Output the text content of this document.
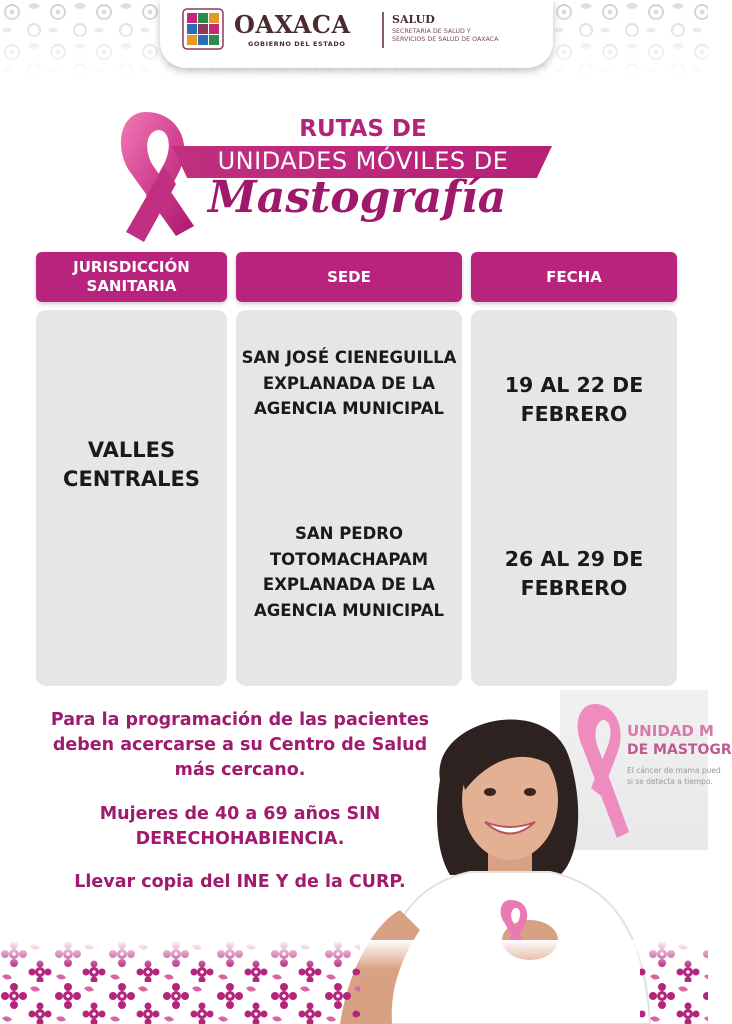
OAXACA
GOBIERNO DEL ESTADO
SALUD
SECRETARÍA DE SALUD Y
SERVICIOS DE SALUD DE OAXACA
RUTAS DE
UNIDADES MÓVILES DE
Mastografía
JURISDICCIÓN SANITARIA
SEDE	FECHA
VALLES CENTRALES
SAN JOSÉ CIENEGUILLA EXPLANADA DE LA AGENCIA MUNICIPAL
SAN PEDRO TOTOMACHAPAM EXPLANADA DE LA AGENCIA MUNICIPAL
19 AL 22 DE FEBRERO
26 AL 29 DE FEBRERO
UNIDAD M
DE MASTOGR
El cáncer de mama pued
si se detecta a tiempo.
Para la programación de las pacientes deben acercarse a su Centro de Salud más cercano.
Mujeres de 40 a 69 años SIN DERECHOHABIENCIA.
Llevar copia del INE Y de la CURP.
